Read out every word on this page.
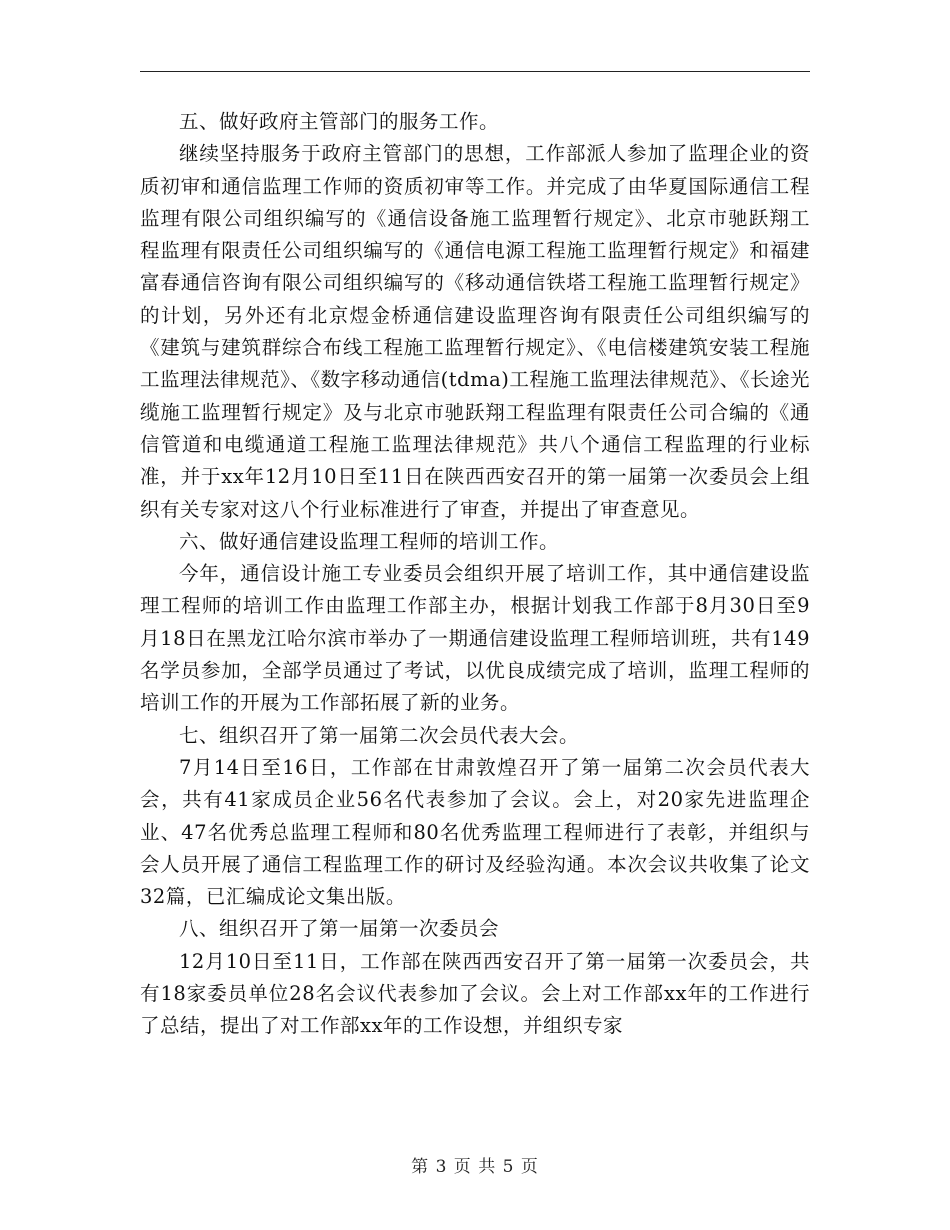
五、做好政府主管部门的服务工作。

继续坚持服务于政府主管部门的思想，工作部派人参加了监理企业的资质初审和通信监理工作师的资质初审等工作。并完成了由华夏国际通信工程监理有限公司组织编写的《通信设备施工监理暂行规定》、北京市驰跃翔工程监理有限责任公司组织编写的《通信电源工程施工监理暂行规定》和福建富春通信咨询有限公司组织编写的《移动通信铁塔工程施工监理暂行规定》的计划，另外还有北京煜金桥通信建设监理咨询有限责任公司组织编写的《建筑与建筑群综合布线工程施工监理暂行规定》、《电信楼建筑安装工程施工监理法律规范》、《数字移动通信(tdma)工程施工监理法律规范》、《长途光缆施工监理暂行规定》及与北京市驰跃翔工程监理有限责任公司合编的《通信管道和电缆通道工程施工监理法律规范》共八个通信工程监理的行业标准，并于xx年12月10日至11日在陕西西安召开的第一届第一次委员会上组织有关专家对这八个行业标准进行了审查，并提出了审查意见。

六、做好通信建设监理工程师的培训工作。

今年，通信设计施工专业委员会组织开展了培训工作，其中通信建设监理工程师的培训工作由监理工作部主办，根据计划我工作部于8月30日至9月18日在黑龙江哈尔滨市举办了一期通信建设监理工程师培训班，共有149名学员参加，全部学员通过了考试，以优良成绩完成了培训，监理工程师的培训工作的开展为工作部拓展了新的业务。

七、组织召开了第一届第二次会员代表大会。

7月14日至16日，工作部在甘肃敦煌召开了第一届第二次会员代表大会，共有41家成员企业56名代表参加了会议。会上，对20家先进监理企业、47名优秀总监理工程师和80名优秀监理工程师进行了表彰，并组织与会人员开展了通信工程监理工作的研讨及经验沟通。本次会议共收集了论文32篇，已汇编成论文集出版。

八、组织召开了第一届第一次委员会

12月10日至11日，工作部在陕西西安召开了第一届第一次委员会，共有18家委员单位28名会议代表参加了会议。会上对工作部xx年的工作进行了总结，提出了对工作部xx年的工作设想，并组织专家

第 3 页 共 5 页
